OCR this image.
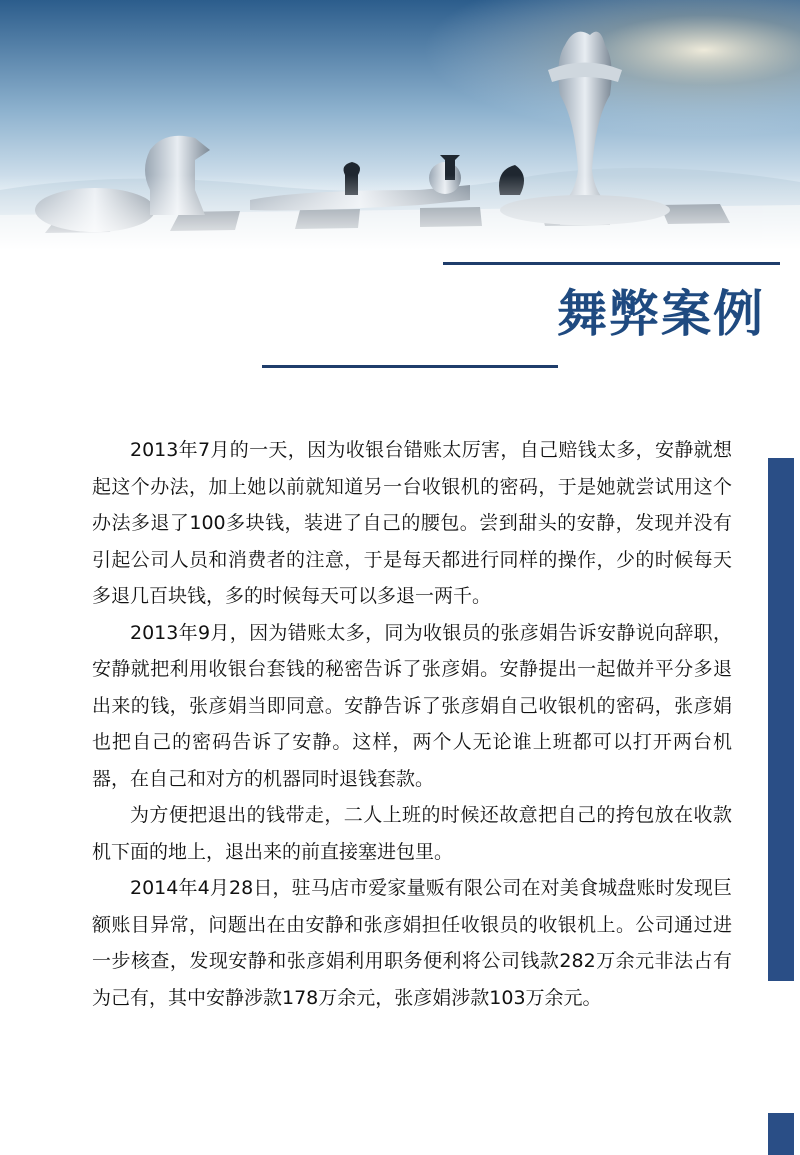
舞弊案例

2013年7月的一天，因为收银台错账太厉害，自己赔钱太多，安静就想起这个办法，加上她以前就知道另一台收银机的密码，于是她就尝试用这个办法多退了100多块钱，装进了自己的腰包。尝到甜头的安静，发现并没有引起公司人员和消费者的注意，于是每天都进行同样的操作，少的时候每天多退几百块钱，多的时候每天可以多退一两千。

2013年9月，因为错账太多，同为收银员的张彦娟告诉安静说向辞职，安静就把利用收银台套钱的秘密告诉了张彦娟。安静提出一起做并平分多退出来的钱，张彦娟当即同意。安静告诉了张彦娟自己收银机的密码，张彦娟也把自己的密码告诉了安静。这样，两个人无论谁上班都可以打开两台机器，在自己和对方的机器同时退钱套款。

为方便把退出的钱带走，二人上班的时候还故意把自己的挎包放在收款机下面的地上，退出来的前直接塞进包里。

2014年4月28日，驻马店市爱家量贩有限公司在对美食城盘账时发现巨额账目异常，问题出在由安静和张彦娟担任收银员的收银机上。公司通过进一步核查，发现安静和张彦娟利用职务便利将公司钱款282万余元非法占有为己有，其中安静涉款178万余元，张彦娟涉款103万余元。
